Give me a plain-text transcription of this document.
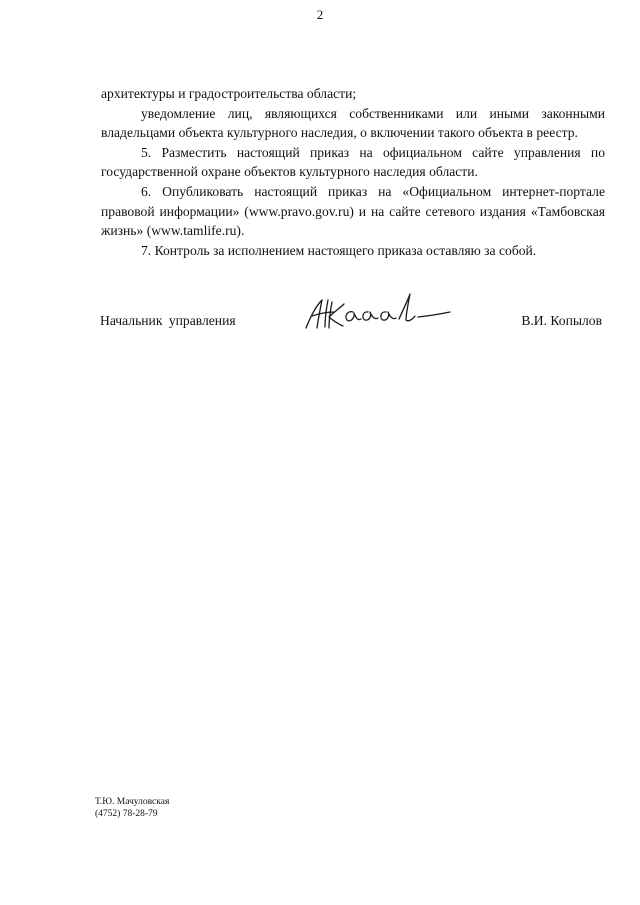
2

архитектуры и градостроительства области;

уведомление лиц, являющихся собственниками или иными законными владельцами объекта культурного наследия, о включении такого объекта в реестр.

5. Разместить настоящий приказ на официальном сайте управления по государственной охране объектов культурного наследия области.

6. Опубликовать настоящий приказ на «Официальном интернет-портале правовой информации» (www.pravo.gov.ru) и на сайте сетевого издания «Тамбовская жизнь» (www.tamlife.ru).

7. Контроль за исполнением настоящего приказа оставляю за собой.

Начальник управления	В.И. Копылов
Т.Ю. Мачуловская
(4752) 78-28-79
